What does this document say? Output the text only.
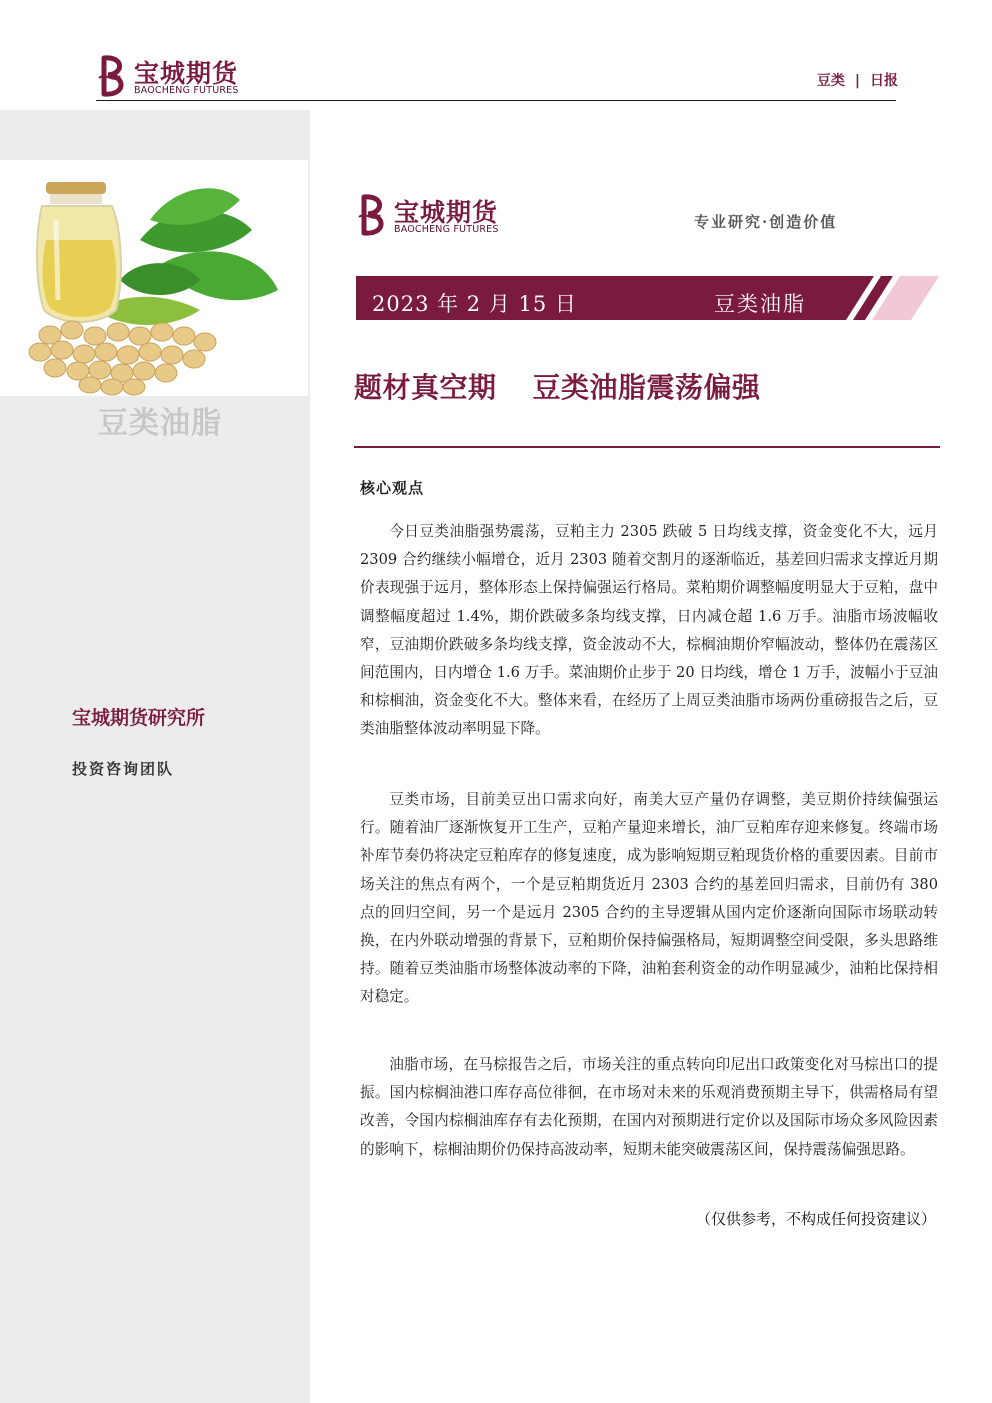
宝城期货
BAOCHENG FUTURES
豆类 | 日报
豆类油脂
宝城期货研究所
投资咨询团队
宝城期货
BAOCHENG FUTURES	专业研究·创造价值
2023 年 2 月 15 日	豆类油脂
题材真空期 豆类油脂震荡偏强
核心观点

今日豆类油脂强势震荡，豆粕主力 2305 跌破 5 日均线支撑，资金变化不大，远月 2309 合约继续小幅增仓，近月 2303 随着交割月的逐渐临近，基差回归需求支撑近月期价表现强于远月，整体形态上保持偏强运行格局。菜粕期价调整幅度明显大于豆粕，盘中调整幅度超过 1.4%，期价跌破多条均线支撑，日内减仓超 1.6 万手。油脂市场波幅收窄，豆油期价跌破多条均线支撑，资金波动不大，棕榈油期价窄幅波动，整体仍在震荡区间范围内，日内增仓 1.6 万手。菜油期价止步于 20 日均线，增仓 1 万手，波幅小于豆油和棕榈油，资金变化不大。整体来看，在经历了上周豆类油脂市场两份重磅报告之后，豆类油脂整体波动率明显下降。

豆类市场，目前美豆出口需求向好，南美大豆产量仍存调整，美豆期价持续偏强运行。随着油厂逐渐恢复开工生产，豆粕产量迎来增长，油厂豆粕库存迎来修复。终端市场补库节奏仍将决定豆粕库存的修复速度，成为影响短期豆粕现货价格的重要因素。目前市场关注的焦点有两个，一个是豆粕期货近月 2303 合约的基差回归需求，目前仍有 380 点的回归空间，另一个是远月 2305 合约的主导逻辑从国内定价逐渐向国际市场联动转换，在内外联动增强的背景下，豆粕期价保持偏强格局，短期调整空间受限，多头思路维持。随着豆类油脂市场整体波动率的下降，油粕套利资金的动作明显减少，油粕比保持相对稳定。

油脂市场，在马棕报告之后，市场关注的重点转向印尼出口政策变化对马棕出口的提振。国内棕榈油港口库存高位徘徊，在市场对未来的乐观消费预期主导下，供需格局有望改善，令国内棕榈油库存有去化预期，在国内对预期进行定价以及国际市场众多风险因素的影响下，棕榈油期价仍保持高波动率，短期未能突破震荡区间，保持震荡偏强思路。

（仅供参考，不构成任何投资建议）
